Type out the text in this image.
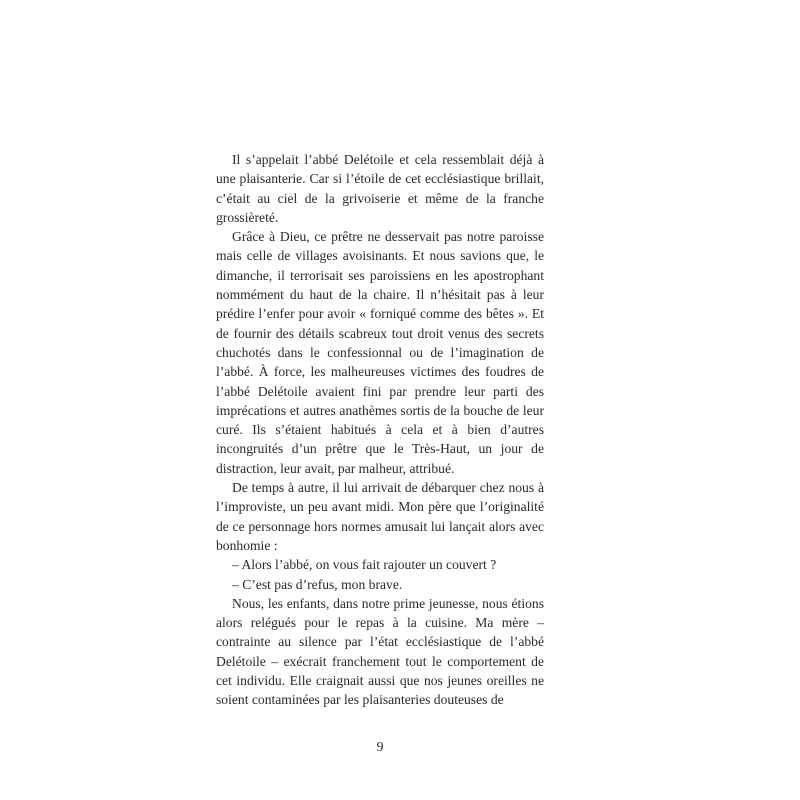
Il s’appelait l’abbé Delétoile et cela ressemblait déjà à une plaisanterie. Car si l’étoile de cet ecclésiastique brillait, c’était au ciel de la grivoiserie et même de la franche grossièreté.

Grâce à Dieu, ce prêtre ne desservait pas notre paroisse mais celle de villages avoisinants. Et nous savions que, le dimanche, il terrorisait ses paroissiens en les apostrophant nommément du haut de la chaire. Il n’hésitait pas à leur prédire l’enfer pour avoir « forniqué comme des bêtes ». Et de fournir des détails scabreux tout droit venus des secrets chuchotés dans le confessionnal ou de l’imagination de l’abbé. À force, les malheureuses victimes des foudres de l’abbé Delétoile avaient fini par prendre leur parti des imprécations et autres anathèmes sortis de la bouche de leur curé. Ils s’étaient habitués à cela et à bien d’autres incongruités d’un prêtre que le Très-Haut, un jour de distraction, leur avait, par malheur, attribué.

De temps à autre, il lui arrivait de débarquer chez nous à l’improviste, un peu avant midi. Mon père que l’originalité de ce personnage hors normes amusait lui lançait alors avec bonhomie :

– Alors l’abbé, on vous fait rajouter un couvert ?

– C’est pas d’refus, mon brave.

Nous, les enfants, dans notre prime jeunesse, nous étions alors relégués pour le repas à la cuisine. Ma mère – contrainte au silence par l’état ecclésiastique de l’abbé Delétoile – exécrait franchement tout le comportement de cet individu. Elle craignait aussi que nos jeunes oreilles ne soient contaminées par les plaisanteries douteuses de

9
